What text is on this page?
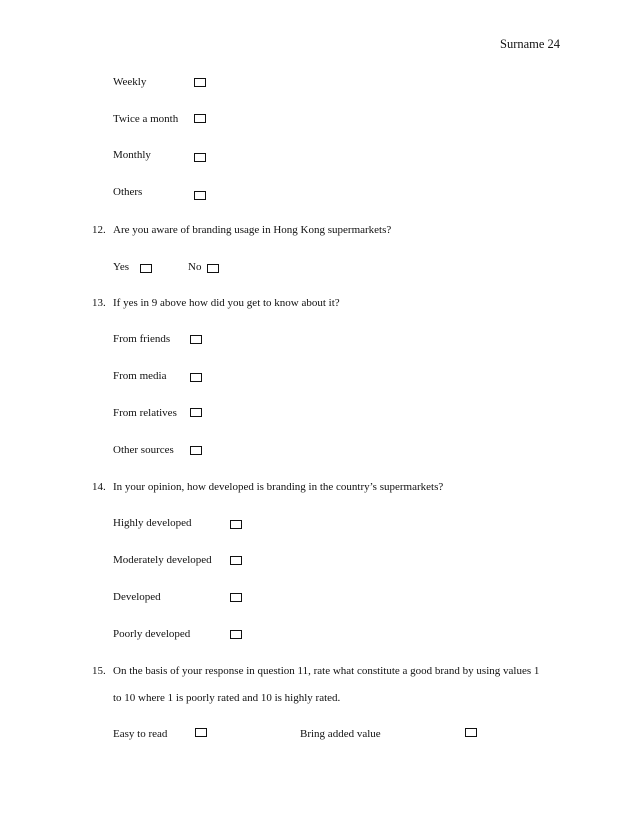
Surname 24
Weekly
Twice a month
Monthly
Others
12. Are you aware of branding usage in Hong Kong supermarkets?
Yes	No
13. If yes in 9 above how did you get to know about it?
From friends
From media
From relatives
Other sources
14. In your opinion, how developed is branding in the country’s supermarkets?
Highly developed
Moderately developed
Developed
Poorly developed
15. On the basis of your response in question 11, rate what constitute a good brand by using values 1
to 10 where 1 is poorly rated and 10 is highly rated.
Easy to read	Bring added value
